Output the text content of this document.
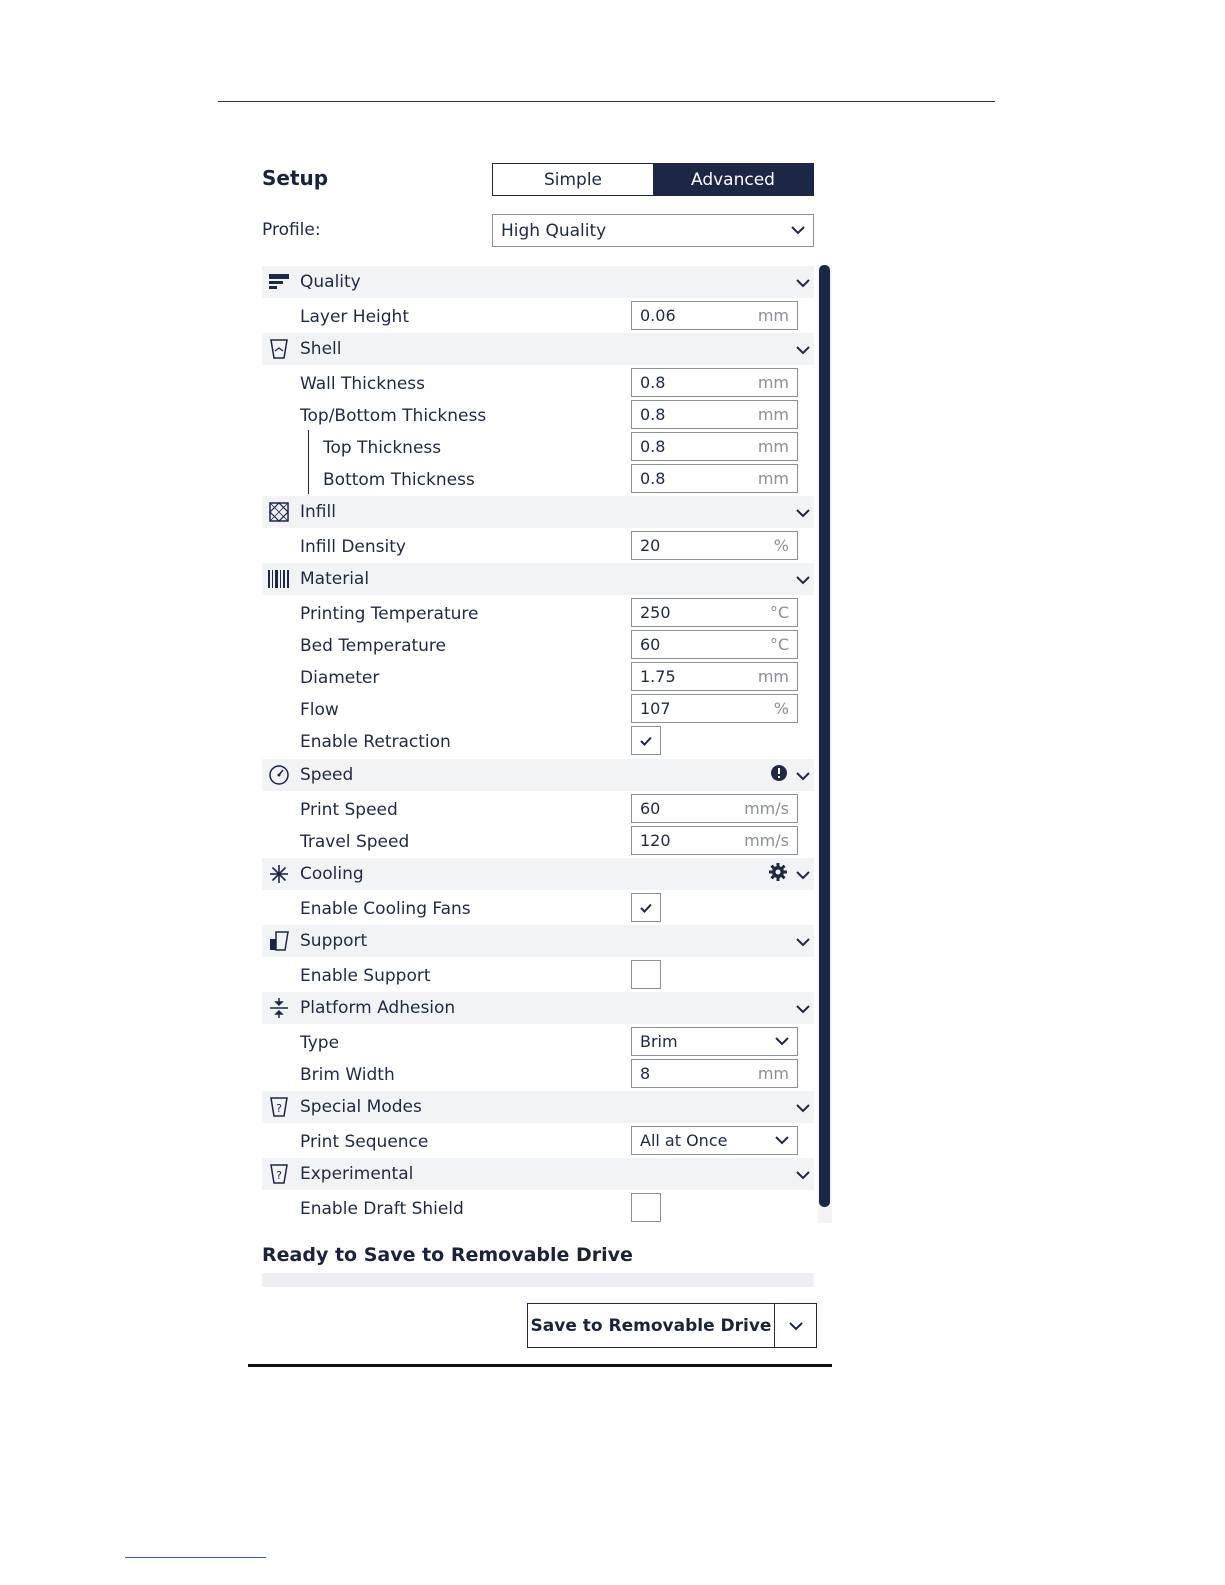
Setup	Simple	Advanced
Profile:	High Quality
Quality
Layer Height	0.06	mm
Shell
Wall Thickness	0.8	mm
Top/Bottom Thickness	0.8	mm
Top Thickness	0.8	mm
Bottom Thickness	0.8	mm
Infill
Infill Density	20	%
Material
Printing Temperature	250	°C
Bed Temperature	60	°C
Diameter	1.75	mm
Flow	107	%
Enable Retraction
Speed
Print Speed	60	mm/s
Travel Speed	120	mm/s
Cooling
Enable Cooling Fans
Support
Enable Support
Platform Adhesion
Type	Brim
Brim Width	8	mm
? Special Modes
Print Sequence	All at Once
? Experimental
Enable Draft Shield
Ready to Save to Removable Drive
Save to Removable Drive
